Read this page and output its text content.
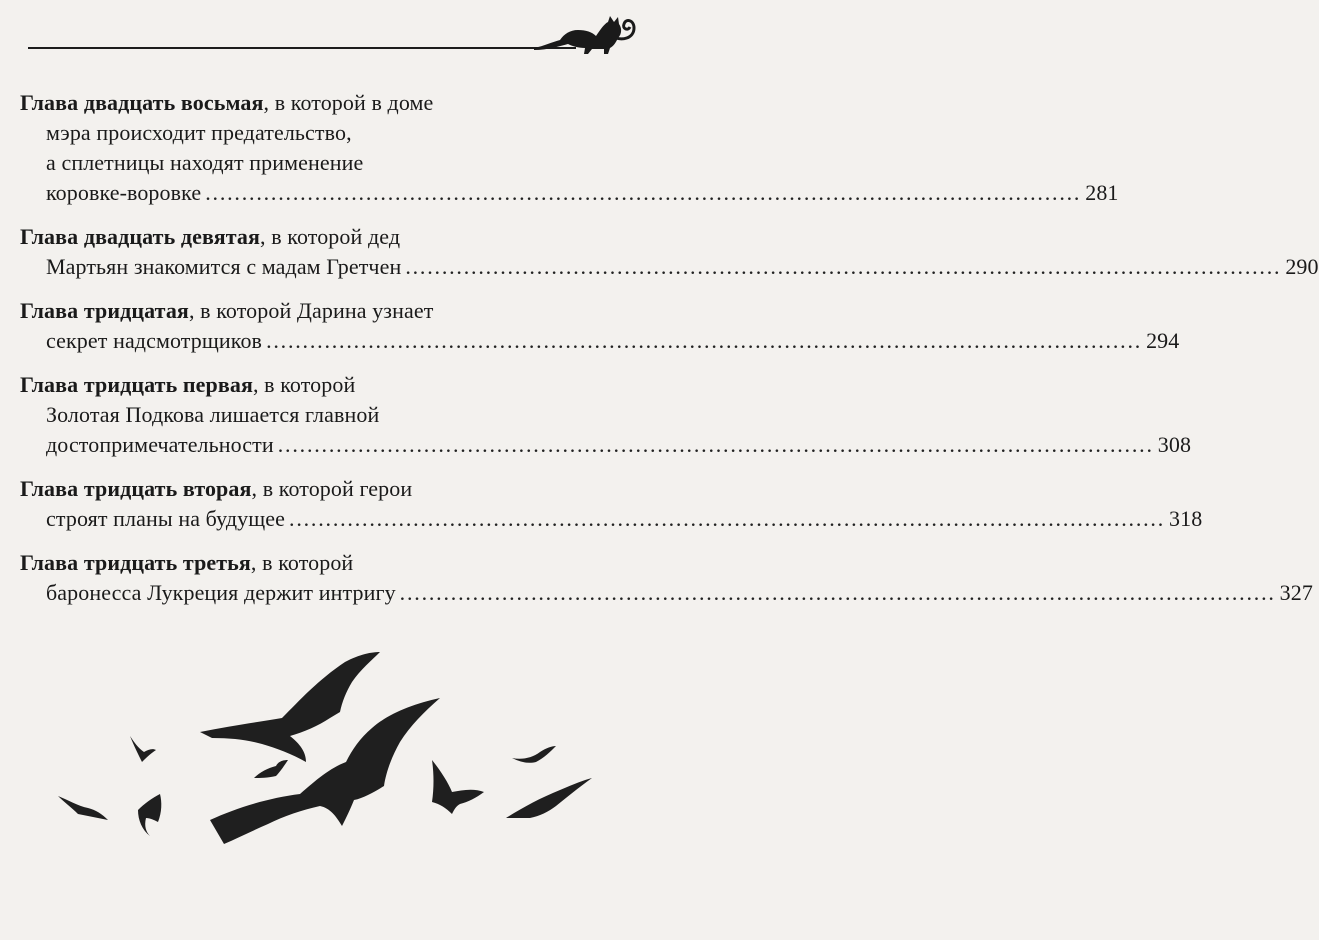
Глава двадцать восьмая, в которой в доме
мэра происходит предательство,
а сплетницы находят применение
коровке-воровке ........................................................................................................................ 281
Глава двадцать девятая, в которой дед
Мартьян знакомится с мадам Гретчен ........................................................................................................................ 290
Глава тридцатая, в которой Дарина узнает
секрет надсмотрщиков ........................................................................................................................ 294
Глава тридцать первая, в которой
Золотая Подкова лишается главной
достопримечательности ........................................................................................................................ 308
Глава тридцать вторая, в которой герои
строят планы на будущее ........................................................................................................................ 318
Глава тридцать третья, в которой
баронесса Лукреция держит интригу ........................................................................................................................ 327
